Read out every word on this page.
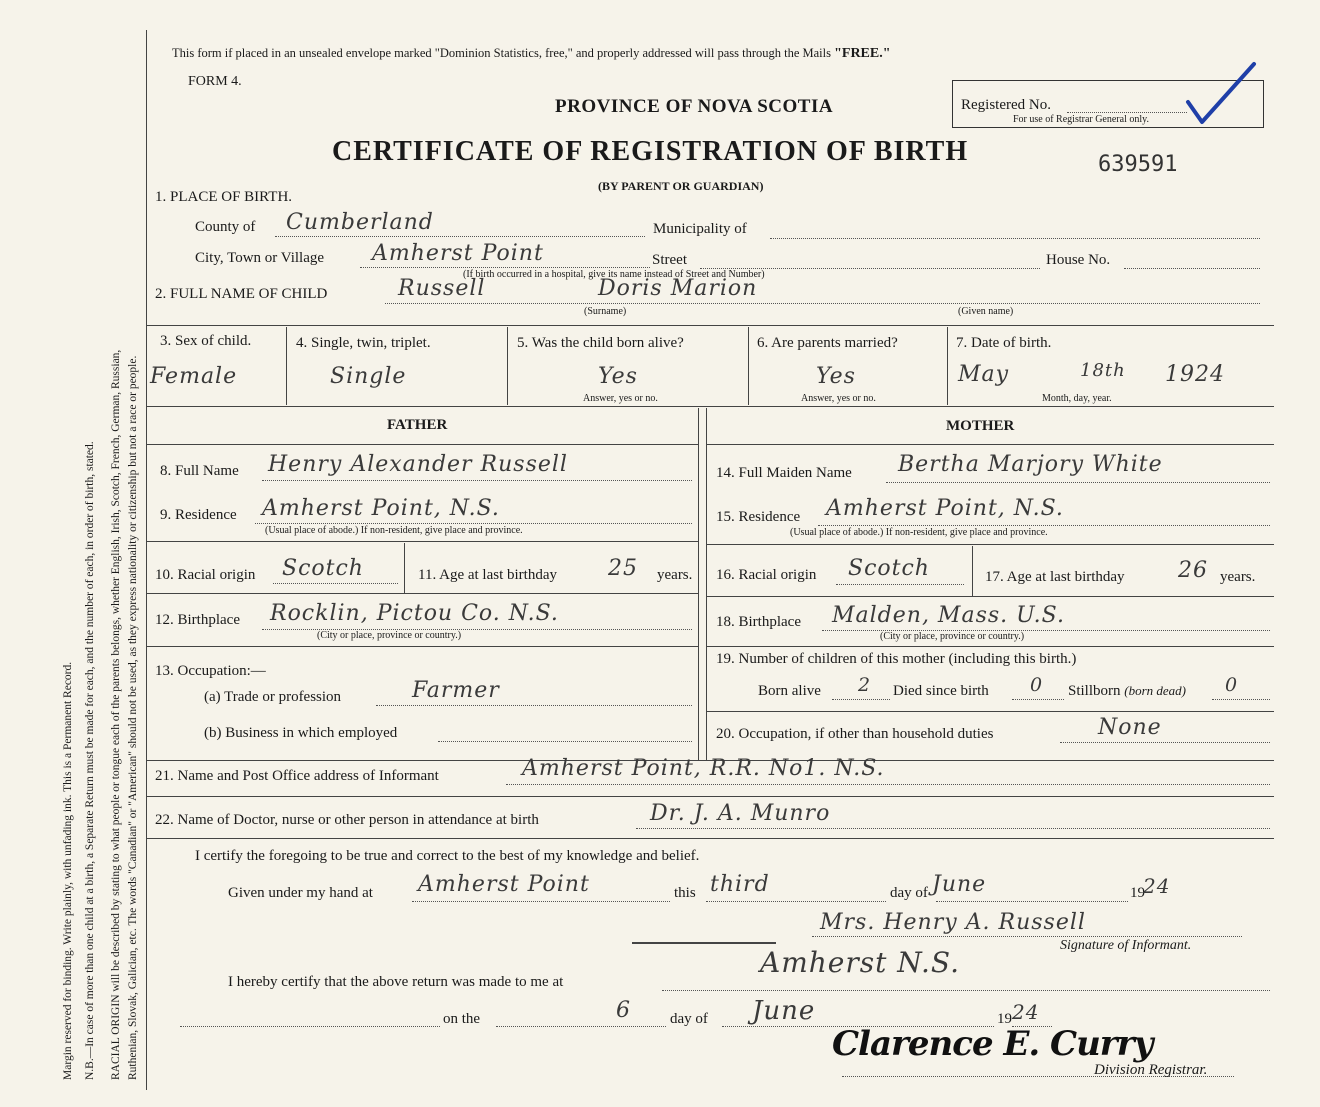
Margin reserved for binding. Write plainly, with unfading ink. This is a Permanent Record. N.B.—In case of more than one child at a birth, a Separate Return must be made for each, and the number of each, in order of birth, stated. RACIAL ORIGIN will be described by stating to what people or tongue each of the parents belongs, whether English, Irish, Scotch, French, German, Russian, Ruthenian, Slovak, Galician, etc. The words "Canadian" or "American" should not be used, as they express nationality or citizenship but not a race or people.
This form if placed in an unsealed envelope marked "Dominion Statistics, free," and properly addressed will pass through the Mails "FREE."
FORM 4.
PROVINCE OF NOVA SCOTIA
CERTIFICATE OF REGISTRATION OF BIRTH
(BY PARENT OR GUARDIAN)
Registered No.
For use of Registrar General only.
639591
1. PLACE OF BIRTH.
County of Cumberland	Municipality of
City, Town or Village Amherst Point	Street	House No.
(If birth occurred in a hospital, give its name instead of Street and Number)
2. FULL NAME OF CHILD	Russell	Doris Marion
(Surname)	(Given name)
3. Sex of child.
Female
4. Single, twin, triplet.
Single
5. Was the child born alive?
Yes
Answer, yes or no.
6. Are parents married?
Yes
Answer, yes or no.
7. Date of birth.
May	18th 1924
Month, day, year.
FATHER	MOTHER
8. Full Name Henry Alexander Russell
9. Residence Amherst Point, N.S.
(Usual place of abode.) If non-resident, give place and province.
10. Racial origin Scotch	11. Age at last birthday 25 years.
12. Birthplace Rocklin, Pictou Co. N.S.
(City or place, province or country.)
13. Occupation:—
(a) Trade or profession	Farmer
(b) Business in which employed
14. Full Maiden Name Bertha Marjory White
15. Residence Amherst Point, N.S.
(Usual place of abode.) If non-resident, give place and province.
16. Racial origin Scotch	17. Age at last birthday 26 years.
18. Birthplace Malden, Mass. U.S.
(City or place, province or country.)
19. Number of children of this mother (including this birth.)
Born alive 2 Died since birth 0 Stillborn (born dead) 0
20. Occupation, if other than household duties	None
21. Name and Post Office address of Informant	Amherst Point, R.R. No1. N.S.
22. Name of Doctor, nurse or other person in attendance at birth	Dr. J. A. Munro
I certify the foregoing to be true and correct to the best of my knowledge and belief.
Given under my hand at Amherst Point	this third	day of June	19
24
Mrs. Henry A. Russell
Signature of Informant.
I hereby certify that the above return was made to me at
Amherst N.S.
on the	6	day of June	19 24
Clarence E. Curry
Division Registrar.
